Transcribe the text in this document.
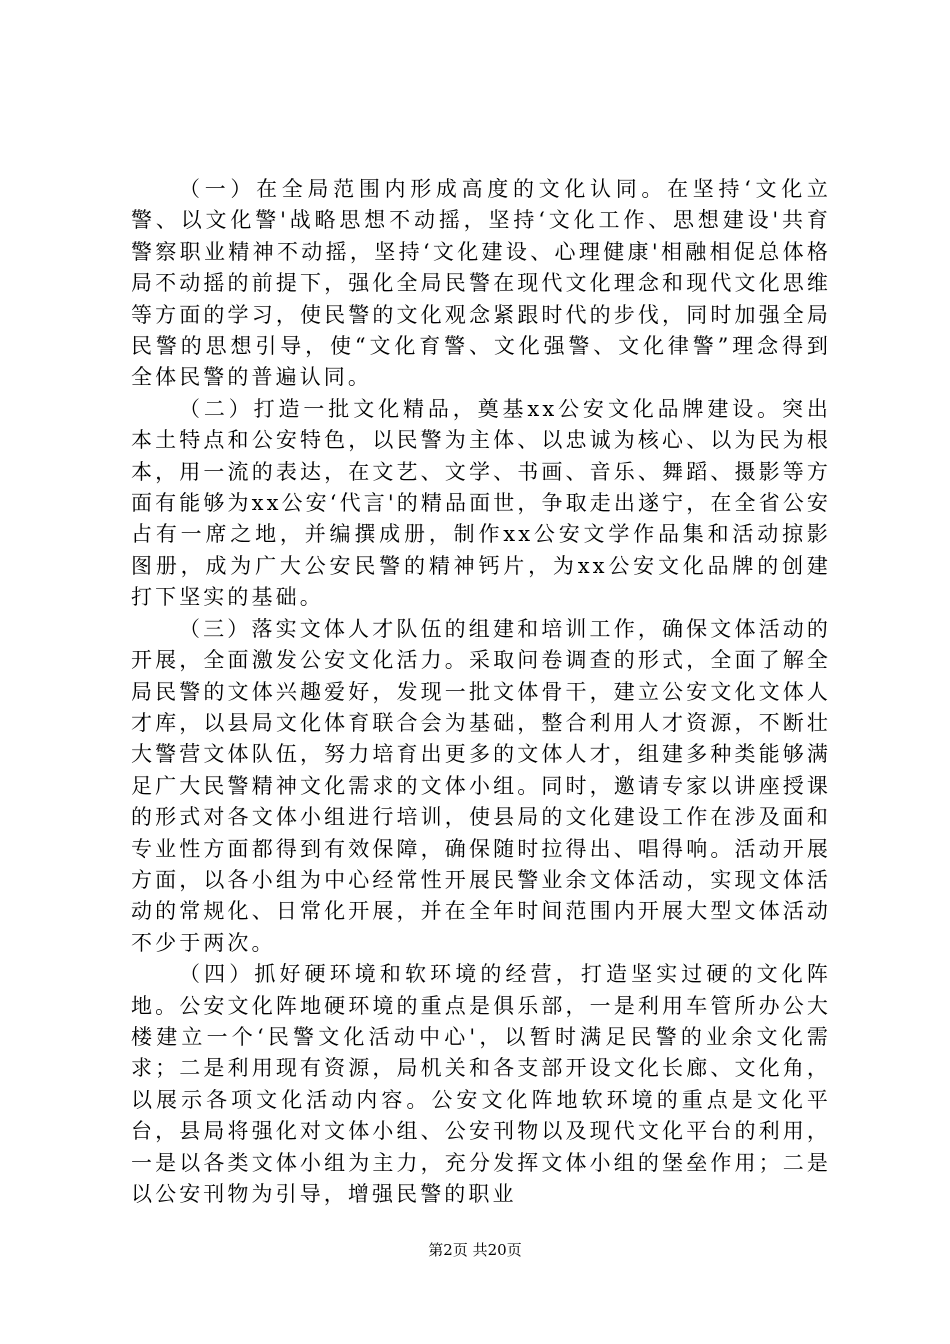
（一）在全局范围内形成高度的文化认同。在坚持‘文化立警、以文化警'战略思想不动摇，坚持‘文化工作、思想建设'共育警察职业精神不动摇，坚持‘文化建设、心理健康'相融相促总体格局不动摇的前提下，强化全局民警在现代文化理念和现代文化思维等方面的学习，使民警的文化观念紧跟时代的步伐，同时加强全局民警的思想引导，使“文化育警、文化强警、文化律警”理念得到全体民警的普遍认同。

（二）打造一批文化精品，奠基xx公安文化品牌建设。突出本土特点和公安特色，以民警为主体、以忠诚为核心、以为民为根本，用一流的表达，在文艺、文学、书画、音乐、舞蹈、摄影等方面有能够为xx公安‘代言'的精品面世，争取走出遂宁，在全省公安占有一席之地，并编撰成册，制作xx公安文学作品集和活动掠影图册，成为广大公安民警的精神钙片，为xx公安文化品牌的创建打下坚实的基础。

（三）落实文体人才队伍的组建和培训工作，确保文体活动的开展，全面激发公安文化活力。采取问卷调查的形式，全面了解全局民警的文体兴趣爱好，发现一批文体骨干，建立公安文化文体人才库，以县局文化体育联合会为基础，整合利用人才资源，不断壮大警营文体队伍，努力培育出更多的文体人才，组建多种类能够满足广大民警精神文化需求的文体小组。同时，邀请专家以讲座授课的形式对各文体小组进行培训，使县局的文化建设工作在涉及面和专业性方面都得到有效保障，确保随时拉得出、唱得响。活动开展方面，以各小组为中心经常性开展民警业余文体活动，实现文体活动的常规化、日常化开展，并在全年时间范围内开展大型文体活动不少于两次。

（四）抓好硬环境和软环境的经营，打造坚实过硬的文化阵地。公安文化阵地硬环境的重点是俱乐部，一是利用车管所办公大楼建立一个‘民警文化活动中心'，以暂时满足民警的业余文化需求；二是利用现有资源，局机关和各支部开设文化长廊、文化角，以展示各项文化活动内容。公安文化阵地软环境的重点是文化平台，县局将强化对文体小组、公安刊物以及现代文化平台的利用，一是以各类文体小组为主力，充分发挥文体小组的堡垒作用；二是以公安刊物为引导，增强民警的职业

第2页 共20页
